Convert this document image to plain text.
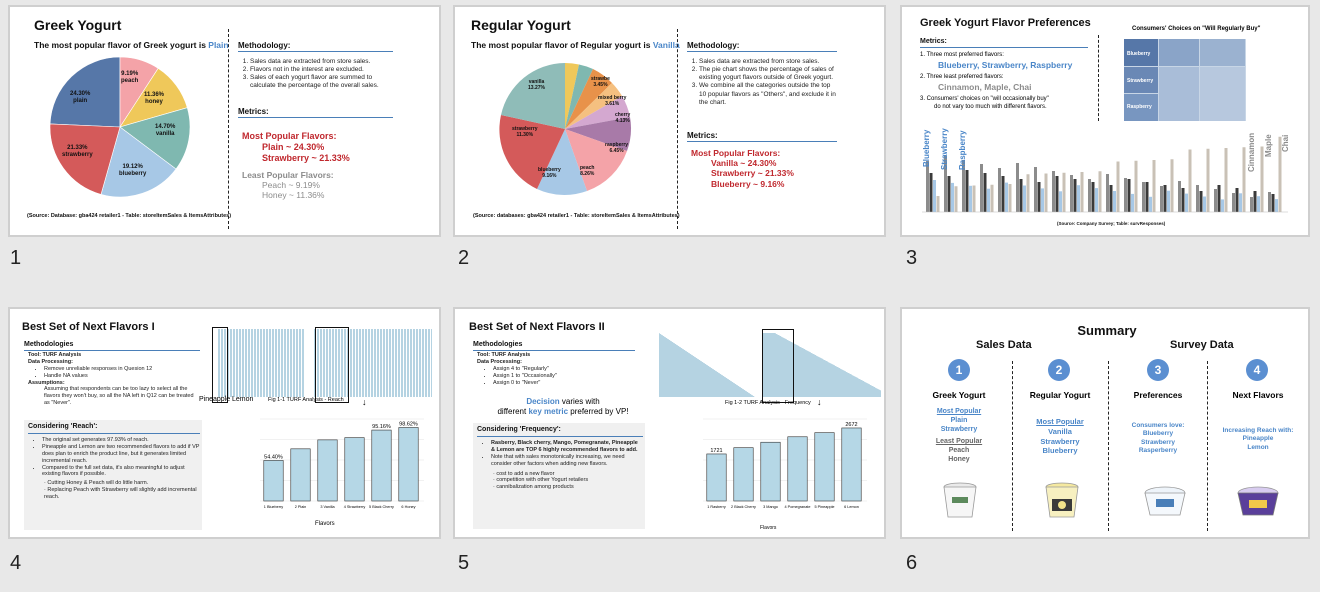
Greek Yogurt
The most popular flavor of Greek yogurt is Plain
24.30%
plain
9.19%
peach
11.36%
honey
14.70%
vanilla
19.12%
blueberry
21.33%
strawberry
(Source: Database: gba424 retailer1 - Table: storeItemSales & ItemsAttributes)
Methodology:
1. Sales data are extracted from store sales.
2. Flavors not in the interest are excluded.
3. Sales of each yogurt flavor are summed to calculate the percentage of the overall sales.
Metrics:
Most Popular Flavors:
Plain ~ 24.30%
Strawberry ~ 21.33%
Least Popular Flavors:
Peach ~ 9.19%
Honey ~ 11.36%
1
Regular Yogurt
The most popular flavor of Regular yogurt is Vanilla
vanilla
13.27%
strawberry
11.30%
blueberry
9.16%
peach
8.26%
raspberry
6.45%
cherry
4.13%
mixed berry
3.61%
strawbe
3.45%
(Source: databases: gba424 retailer1 - Table: storeItemSales & ItemsAttributes)
Methodology:
1. Sales data are extracted from store sales.
2. The pie chart shows the percentage of sales of existing yogurt flavors outside of Greek yogurt.
3. We combine all the categories outside the top 10 popular flavors as "Others", and exclude it in the chart.
Metrics:
Most Popular Flavors:
Vanilla ~ 24.30%
Strawberry ~ 21.33%
Blueberry ~ 9.16%
2
Greek Yogurt Flavor Preferences
Metrics:
1. Three most preferred flavors:
Blueberry, Strawberry, Raspberry
2. Three least preferred flavors:
Cinnamon, Maple, Chai
3. Consumers' choices on "will occasionally buy"
do not vary too much with different flavors.
Consumers' Choices on "Will Regularly Buy"
Blueberry
Strawberry
Raspberry
Blueberry Strawberry Raspberry	Cinnamon Maple Chai
(Source: Company Survey; Table: survResponses)
3
Best Set of Next Flavors I
Methodologies
Tool: TURF Analysis
Data Processing:
• Remove unreliable responses in Quesion 12
• Handle NA values
Assumptions:
Assuming that respondents can be too lazy to select all the flavors they won't buy, so all the NA left in Q12 can be treated as "Never".
Considering 'Reach':
• The original set generates 97.93% of reach.
• Pineapple and Lemon are two recommended flavors to add if VP does plan to enrich the product line, but it generates limited incremental reach.
• Compared to the full set data, it's also meaningful to adjust existing flavors if possible.
· Cutting Honey & Peach will do little harm.
· Replacing Peach with Strawberry will slightly add incremental reach.
Pineapple Lemon	Fig 1-1 TURF Analysis - Reach ↓
54.40%
1 Blueberry	2 Plain	3 Vanilla 4 Strawberry
95.16%
5 Black Cherry
98.62%
6 Honey
Flavors
4
Best Set of Next Flavors II
Methodologies
Tool: TURF Analysis
Data Processing:
• Assign 4 to "Regularly"
• Assign 1 to "Occasionally"
• Assign 0 to "Never"
Decision varies with
different key metric preferred by VP!
Considering 'Frequency':
• Rasberry, Black cherry, Mango, Pomegranate, Pineapple & Lemon are TOP 6 highly recommended flavors to add.
• Note that with sales monotonically increasing, we need consider other factors when adding new flavors.
· cost to add a new flavor
· competition with other Yogurt retailers
· cannibalization among products
Fig 1-2 TURF Analysis - Frequency ↓
1721
1 Rasberry 2 Black Cherry 3 Mango 4 Pomegranate 5 Pineapple
2672
6 Lemon
Flavors
5
Summary
Sales Data	Survey Data
1
Greek Yogurt
Most Popular
Plain
Strawberry
Least Popular
Peach
Honey
2
Regular Yogurt
Most Popular
Vanilla
Strawberry
Blueberry
3
Preferences
Consumers love:
Blueberry
Strawberry
Rasperberry
4
Next Flavors
Increasing Reach with:
Pineapple
Lemon
6
